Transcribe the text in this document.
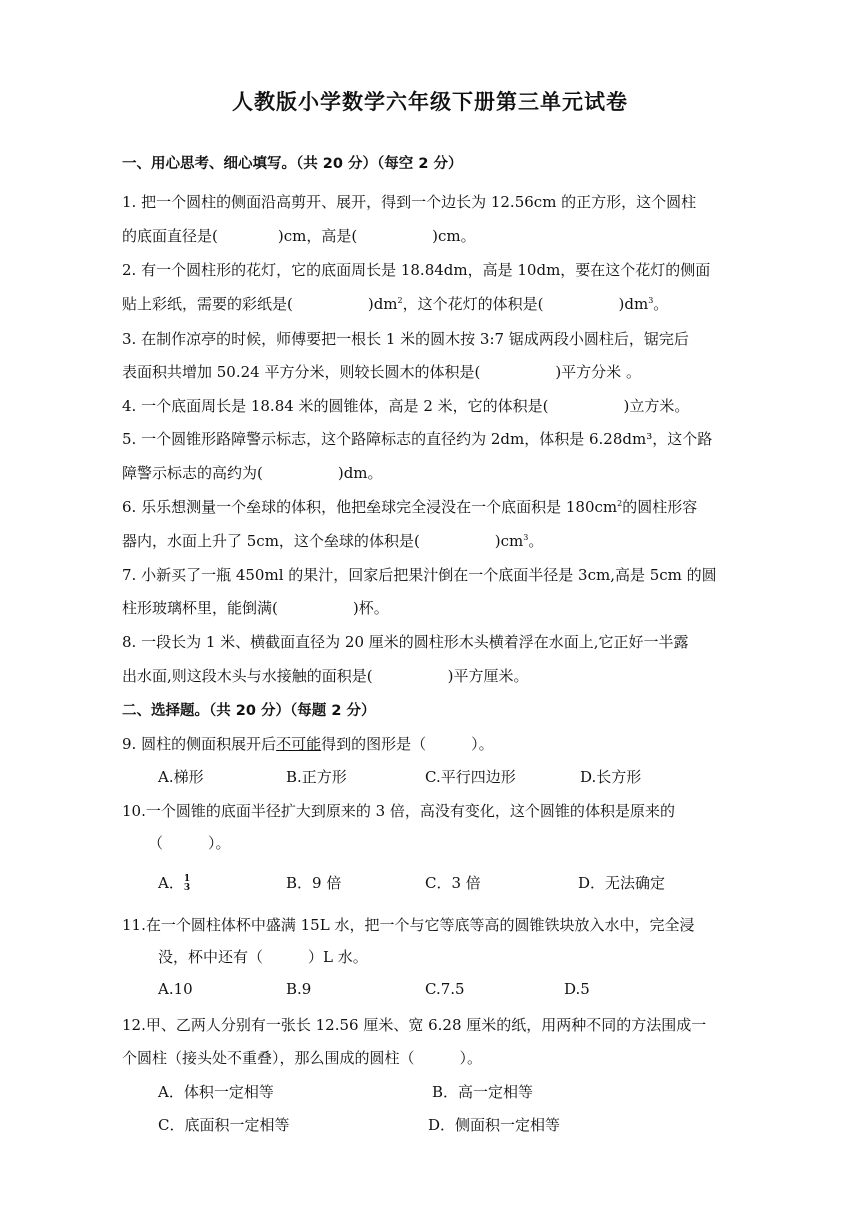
人教版小学数学六年级下册第三单元试卷
一、用心思考、细心填写。（共 20 分）（每空 2 分）
1. 把一个圆柱的侧面沿高剪开、展开，得到一个边长为 12.56cm 的正方形，这个圆柱
的底面直径是(　　　　)cm，高是(　　　　　)cm。
2. 有一个圆柱形的花灯，它的底面周长是 18.84dm，高是 10dm，要在这个花灯的侧面
贴上彩纸，需要的彩纸是(　　　　　)$dm^2$，这个花灯的体积是(　　　　　)$dm^3$。
3. 在制作凉亭的时候，师傅要把一根长 1 米的圆木按 3:7 锯成两段小圆柱后，锯完后
表面积共增加 50.24 平方分米，则较长圆木的体积是(　　　　　)平方分米 。
4. 一个底面周长是 18.84 米的圆锥体，高是 2 米，它的体积是(　　　　　)立方米。
5. 一个圆锥形路障警示标志，这个路障标志的直径约为 2dm，体积是 6.28dm³，这个路
障警示标志的高约为(　　　　　)dm。
6. 乐乐想测量一个垒球的体积，他把垒球完全浸没在一个底面积是 $180cm^2$的圆柱形容
器内，水面上升了 5cm，这个垒球的体积是(　　　　　)$cm^3$。
7. 小新买了一瓶 450ml 的果汁，回家后把果汁倒在一个底面半径是 3cm,高是 5cm 的圆
柱形玻璃杯里，能倒满(　　　　　)杯。
8. 一段长为 1 米、横截面直径为 20 厘米的圆柱形木头横着浮在水面上,它正好一半露
出水面,则这段木头与水接触的面积是(　　　　　)平方厘米。
二、选择题。（共 20 分）（每题 2 分）
9. 圆柱的侧面积展开后不可能得到的图形是（　　　）。
A.梯形	B.正方形	C.平行四边形	D.长方形
10.一个圆锥的底面半径扩大到原来的 3 倍，高没有变化，这个圆锥的体积是原来的
（　　　）。
A．1
3	B．9 倍	C．3 倍	D．无法确定
11.在一个圆柱体杯中盛满 15L 水，把一个与它等底等高的圆锥铁块放入水中，完全浸
没，杯中还有（　　　）L 水。
A.10	B.9	C.7.5	D.5
12.甲、乙两人分别有一张长 12.56 厘米、宽 6.28 厘米的纸，用两种不同的方法围成一
个圆柱（接头处不重叠），那么围成的圆柱（　　　）。
A．体积一定相等	B．高一定相等
C．底面积一定相等	D．侧面积一定相等
